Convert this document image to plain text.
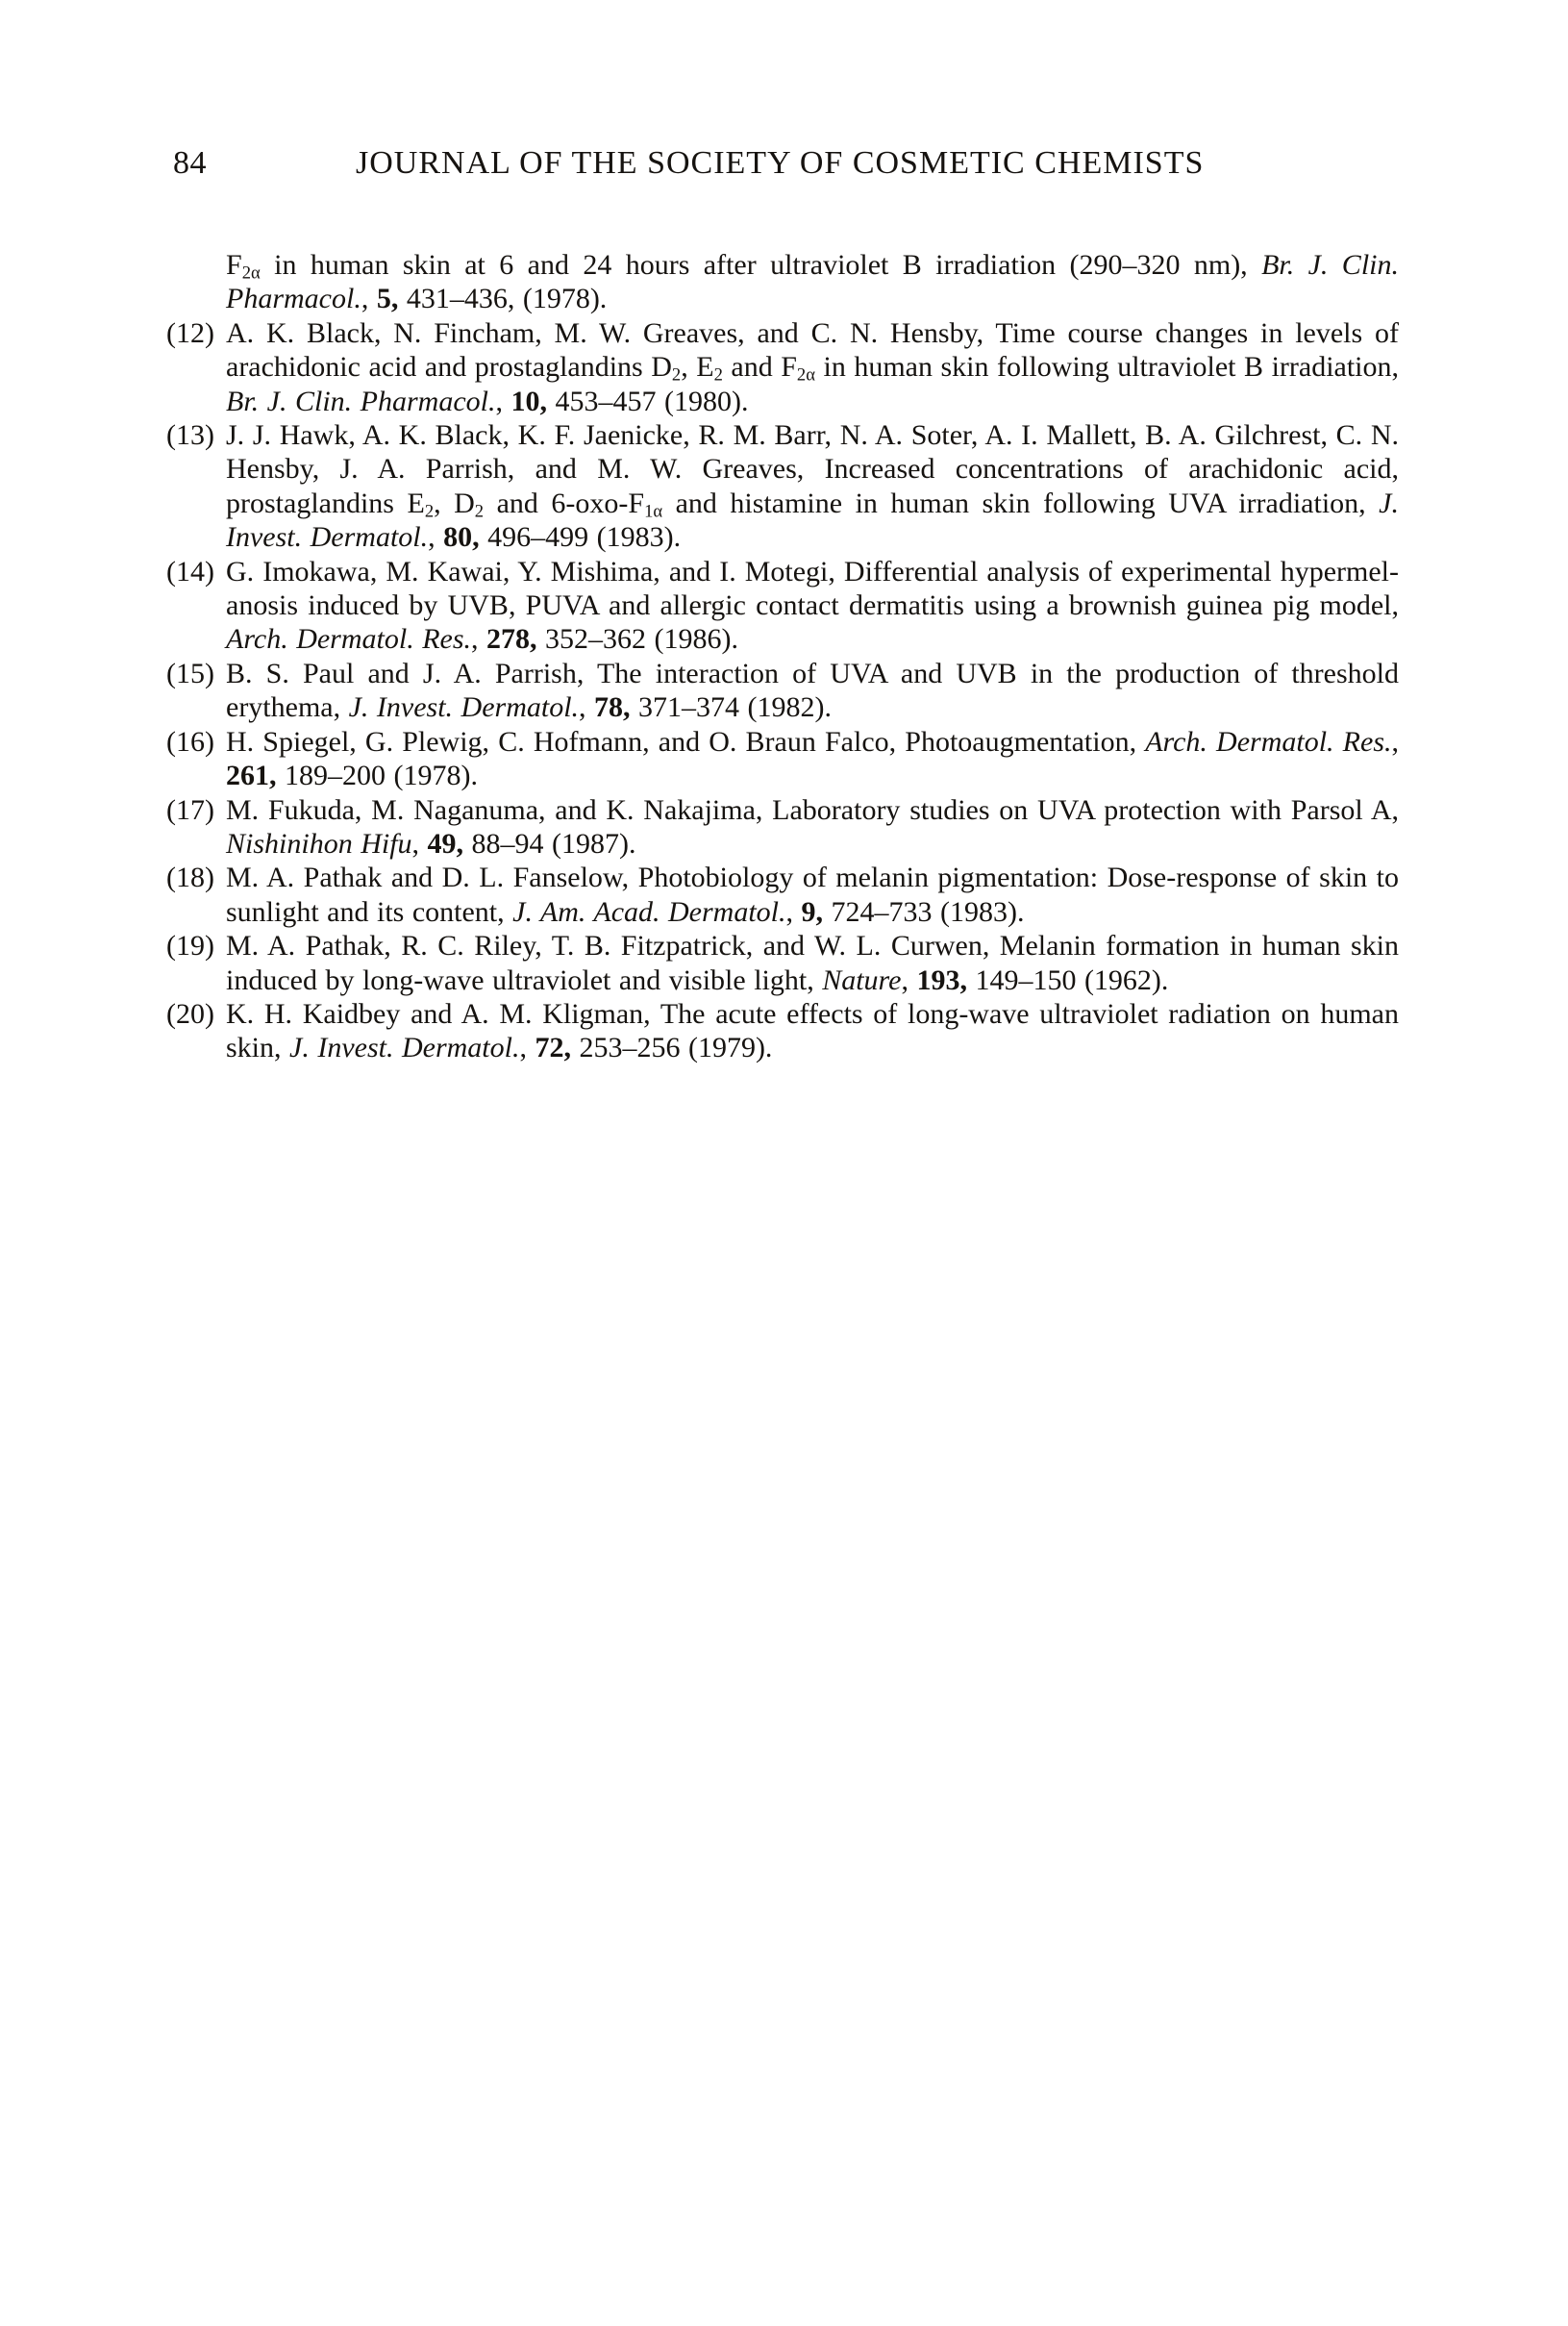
84	JOURNAL OF THE SOCIETY OF COSMETIC CHEMISTS

F2α in human skin at 6 and 24 hours after ultraviolet B irradiation (290–320 nm), Br. J. Clin. Pharmacol., 5, 431–436, (1978).

(12) A. K. Black, N. Fincham, M. W. Greaves, and C. N. Hensby, Time course changes in levels of arachidonic acid and prostaglandins D2, E2 and F2α in human skin following ultraviolet B irradiation, Br. J. Clin. Pharmacol., 10, 453–457 (1980).

(13) J. J. Hawk, A. K. Black, K. F. Jaenicke, R. M. Barr, N. A. Soter, A. I. Mallett, B. A. Gilchrest, C. N. Hensby, J. A. Parrish, and M. W. Greaves, Increased concentrations of arachidonic acid, prostaglandins E2, D2 and 6-oxo-F1α and histamine in human skin following UVA irradiation, J. Invest. Dermatol., 80, 496–499 (1983).

(14) G. Imokawa, M. Kawai, Y. Mishima, and I. Motegi, Differential analysis of experimental hypermelanosis induced by UVB, PUVA and allergic contact dermatitis using a brownish guinea pig model, Arch. Dermatol. Res., 278, 352–362 (1986).

(15) B. S. Paul and J. A. Parrish, The interaction of UVA and UVB in the production of threshold erythema, J. Invest. Dermatol., 78, 371–374 (1982).

(16) H. Spiegel, G. Plewig, C. Hofmann, and O. Braun Falco, Photoaugmentation, Arch. Dermatol. Res., 261, 189–200 (1978).

(17) M. Fukuda, M. Naganuma, and K. Nakajima, Laboratory studies on UVA protection with Parsol A, Nishinihon Hifu, 49, 88–94 (1987).

(18) M. A. Pathak and D. L. Fanselow, Photobiology of melanin pigmentation: Dose-response of skin to sunlight and its content, J. Am. Acad. Dermatol., 9, 724–733 (1983).

(19) M. A. Pathak, R. C. Riley, T. B. Fitzpatrick, and W. L. Curwen, Melanin formation in human skin induced by long-wave ultraviolet and visible light, Nature, 193, 149–150 (1962).

(20) K. H. Kaidbey and A. M. Kligman, The acute effects of long-wave ultraviolet radiation on human skin, J. Invest. Dermatol., 72, 253–256 (1979).
